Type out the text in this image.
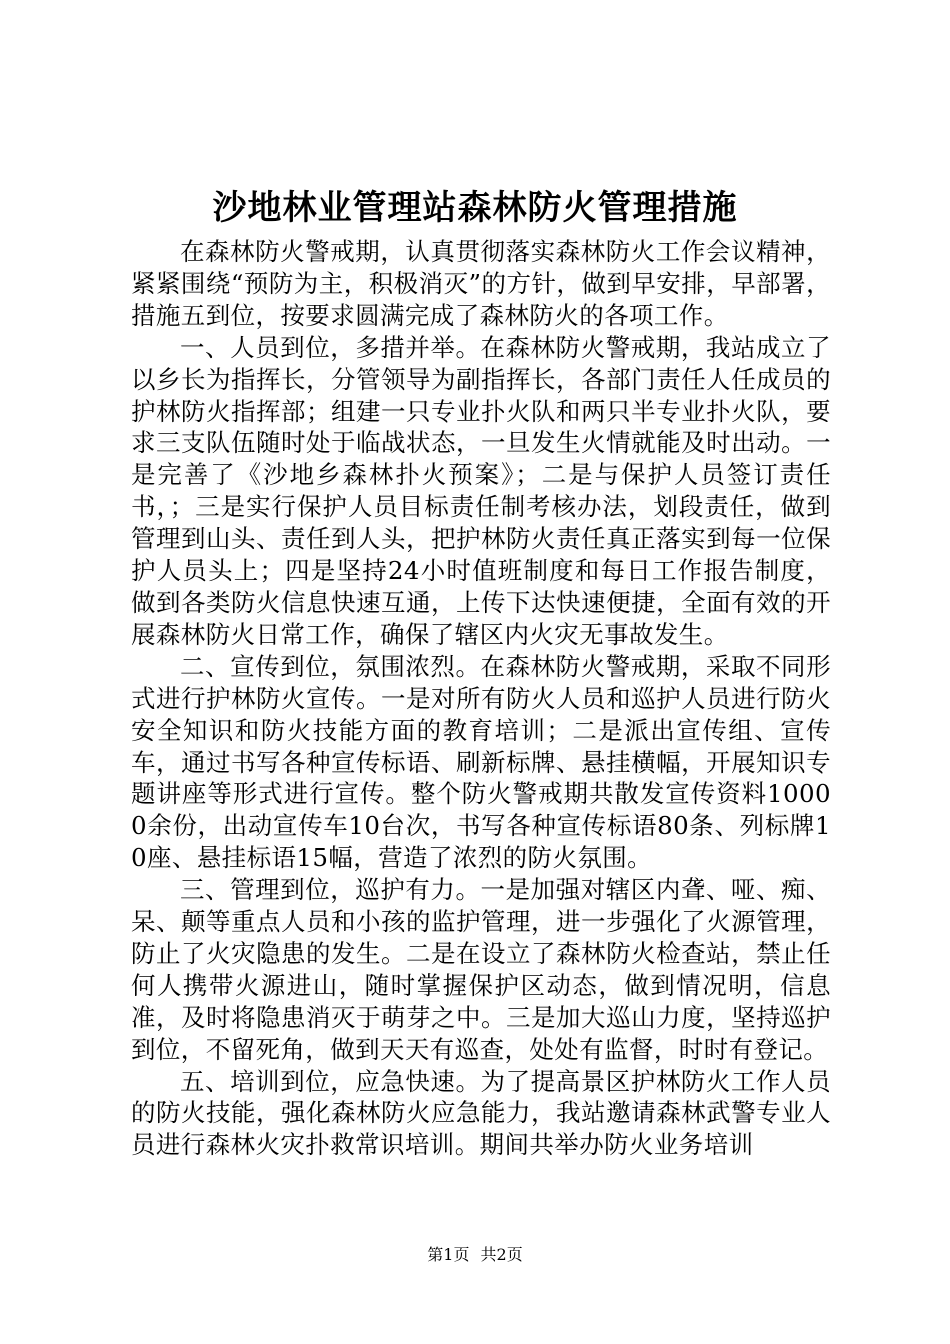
沙地林业管理站森林防火管理措施

在森林防火警戒期，认真贯彻落实森林防火工作会议精神，紧紧围绕“预防为主，积极消灭”的方针，做到早安排，早部署，措施五到位，按要求圆满完成了森林防火的各项工作。

一、人员到位，多措并举。在森林防火警戒期，我站成立了以乡长为指挥长，分管领导为副指挥长，各部门责任人任成员的护林防火指挥部；组建一只专业扑火队和两只半专业扑火队，要求三支队伍随时处于临战状态，一旦发生火情就能及时出动。一是完善了《沙地乡森林扑火预案》；二是与保护人员签订责任书，；三是实行保护人员目标责任制考核办法，划段责任，做到管理到山头、责任到人头，把护林防火责任真正落实到每一位保护人员头上；四是坚持24小时值班制度和每日工作报告制度，做到各类防火信息快速互通，上传下达快速便捷，全面有效的开展森林防火日常工作，确保了辖区内火灾无事故发生。

二、宣传到位，氛围浓烈。在森林防火警戒期，采取不同形式进行护林防火宣传。一是对所有防火人员和巡护人员进行防火安全知识和防火技能方面的教育培训；二是派出宣传组、宣传车，通过书写各种宣传标语、刷新标牌、悬挂横幅，开展知识专题讲座等形式进行宣传。整个防火警戒期共散发宣传资料10000余份，出动宣传车10台次，书写各种宣传标语80条、列标牌10座、悬挂标语15幅，营造了浓烈的防火氛围。

三、管理到位，巡护有力。一是加强对辖区内聋、哑、痴、呆、颠等重点人员和小孩的监护管理，进一步强化了火源管理，防止了火灾隐患的发生。二是在设立了森林防火检查站，禁止任何人携带火源进山，随时掌握保护区动态，做到情况明，信息准，及时将隐患消灭于萌芽之中。三是加大巡山力度，坚持巡护到位，不留死角，做到天天有巡查，处处有监督，时时有登记。

五、培训到位，应急快速。为了提高景区护林防火工作人员的防火技能，强化森林防火应急能力，我站邀请森林武警专业人员进行森林火灾扑救常识培训。期间共举办防火业务培训

第1页 共2页
